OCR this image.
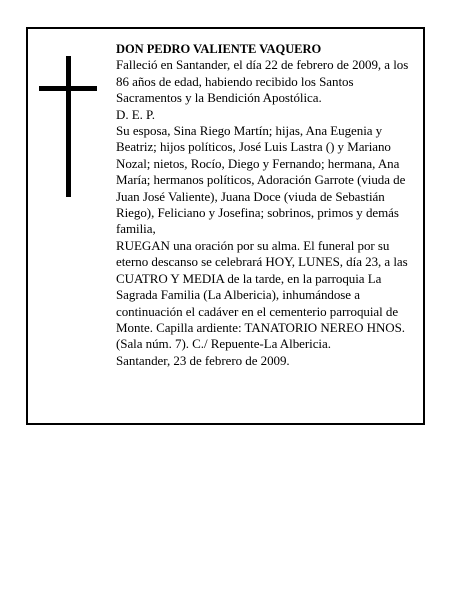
DON PEDRO VALIENTE VAQUERO

Falleció en Santander, el día 22 de febrero de 2009, a los 86 años de edad, habiendo recibido los Santos Sacramentos y la Bendición Apostólica.

D. E. P.

Su esposa, Sina Riego Martín; hijas, Ana Eugenia y Beatriz; hijos políticos, José Luis Lastra () y Mariano Nozal; nietos, Rocío, Diego y Fernando; hermana, Ana María; hermanos políticos, Adoración Garrote (viuda de Juan José Valiente), Juana Doce (viuda de Sebastián Riego), Feliciano y Josefina; sobrinos, primos y demás familia,

RUEGAN una oración por su alma. El funeral por su eterno descanso se celebrará HOY, LUNES, día 23, a las CUATRO Y MEDIA de la tarde, en la parroquia La Sagrada Familia (La Albericia), inhumándose a continuación el cadáver en el cementerio parroquial de Monte. Capilla ardiente: TANATORIO NEREO HNOS. (Sala núm. 7). C./ Repuente-La Albericia.

Santander, 23 de febrero de 2009.
